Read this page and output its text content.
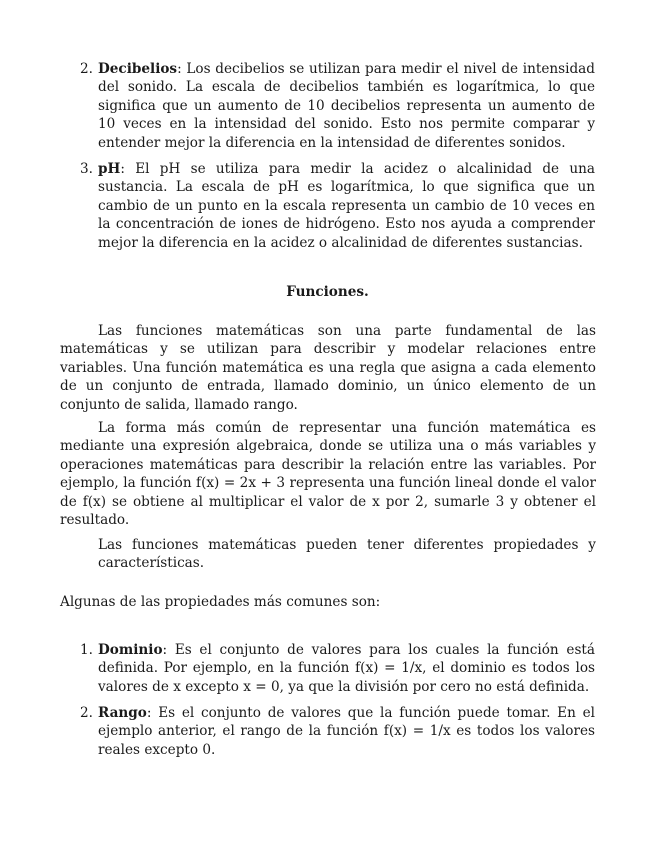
2. Decibelios: Los decibelios se utilizan para medir el nivel de intensidad del sonido. La escala de decibelios también es logarítmica, lo que significa que un aumento de 10 decibelios representa un aumento de 10 veces en la intensidad del sonido. Esto nos permite comparar y entender mejor la diferencia en la intensidad de diferentes sonidos.

3. pH: El pH se utiliza para medir la acidez o alcalinidad de una sustancia. La escala de pH es logarítmica, lo que significa que un cambio de un punto en la escala representa un cambio de 10 veces en la concentración de iones de hidrógeno. Esto nos ayuda a comprender mejor la diferencia en la acidez o alcalinidad de diferentes sustancias.

Funciones.

Las funciones matemáticas son una parte fundamental de las matemáticas y se utilizan para describir y modelar relaciones entre variables. Una función matemática es una regla que asigna a cada elemento de un conjunto de entrada, llamado dominio, un único elemento de un conjunto de salida, llamado rango.

La forma más común de representar una función matemática es mediante una expresión algebraica, donde se utiliza una o más variables y operaciones matemáticas para describir la relación entre las variables. Por ejemplo, la función f(x) = 2x + 3 representa una función lineal donde el valor de f(x) se obtiene al multiplicar el valor de x por 2, sumarle 3 y obtener el resultado.

Las funciones matemáticas pueden tener diferentes propiedades y características.

Algunas de las propiedades más comunes son:

1. Dominio: Es el conjunto de valores para los cuales la función está definida. Por ejemplo, en la función f(x) = 1/x, el dominio es todos los valores de x excepto x = 0, ya que la división por cero no está definida.

2. Rango: Es el conjunto de valores que la función puede tomar. En el ejemplo anterior, el rango de la función f(x) = 1/x es todos los valores reales excepto 0.
